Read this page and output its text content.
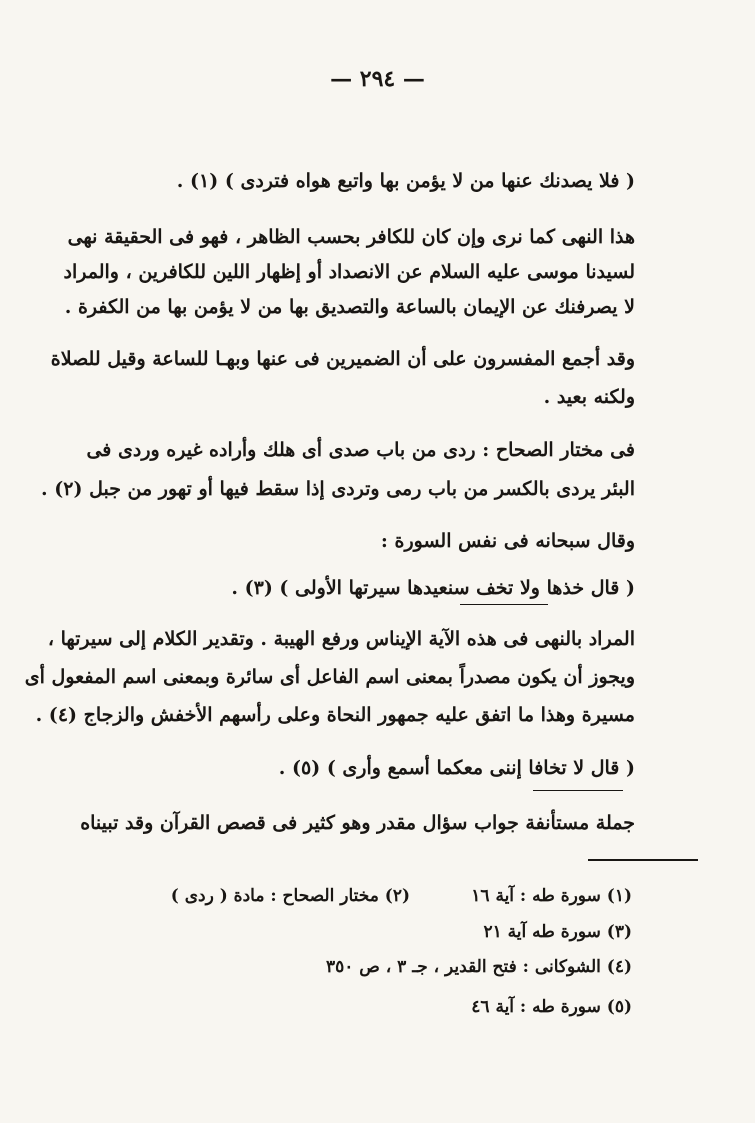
— ٢٩٤ —
( فلا يصدنك عنها من لا يؤمن بها واتبع هواه فتردى ) (١) .
هذا النهى كما نرى وإن كان للكافر بحسب الظاهر ، فهو فى الحقيقة نهى
لسيدنا موسى عليه السلام عن الانصداد أو إظهار اللين للكافرين ، والمراد
لا يصرفنك عن الإيمان بالساعة والتصديق بها من لا يؤمن بها من الكفرة .
وقد أجمع المفسرون على أن الضميرين فى عنها وبهـا للساعة وقيل للصلاة
ولكنه بعيد .
فى مختار الصحاح : ردى من باب صدى أى هلك وأراده غيره وردى فى
البئر يردى بالكسر من باب رمى وتردى إذا سقط فيها أو تهور من جبل (٢) .
وقال سبحانه فى نفس السورة :
( قال خذها ولا تخف سنعيدها سيرتها الأولى ) (٣) .
المراد بالنهى فى هذه الآية الإيناس ورفع الهيبة . وتقدير الكلام إلى سيرتها ،
ويجوز أن يكون مصدراً بمعنى اسم الفاعل أى سائرة وبمعنى اسم المفعول أى
مسيرة وهذا ما اتفق عليه جمهور النحاة وعلى رأسهم الأخفش والزجاج (٤) .
( قال لا تخافا إننى معكما أسمع وأرى ) (٥) .
جملة مستأنفة جواب سؤال مقدر وهو كثير فى قصص القرآن وقد تبيناه
(١) سورة طه : آية ١٦
(٢) مختار الصحاح : مادة ( ردى )
(٣) سورة طه آية ٢١
(٤) الشوكانى : فتح القدير ، جـ ٣ ، ص ٣٥٠
(٥) سورة طه : آية ٤٦
